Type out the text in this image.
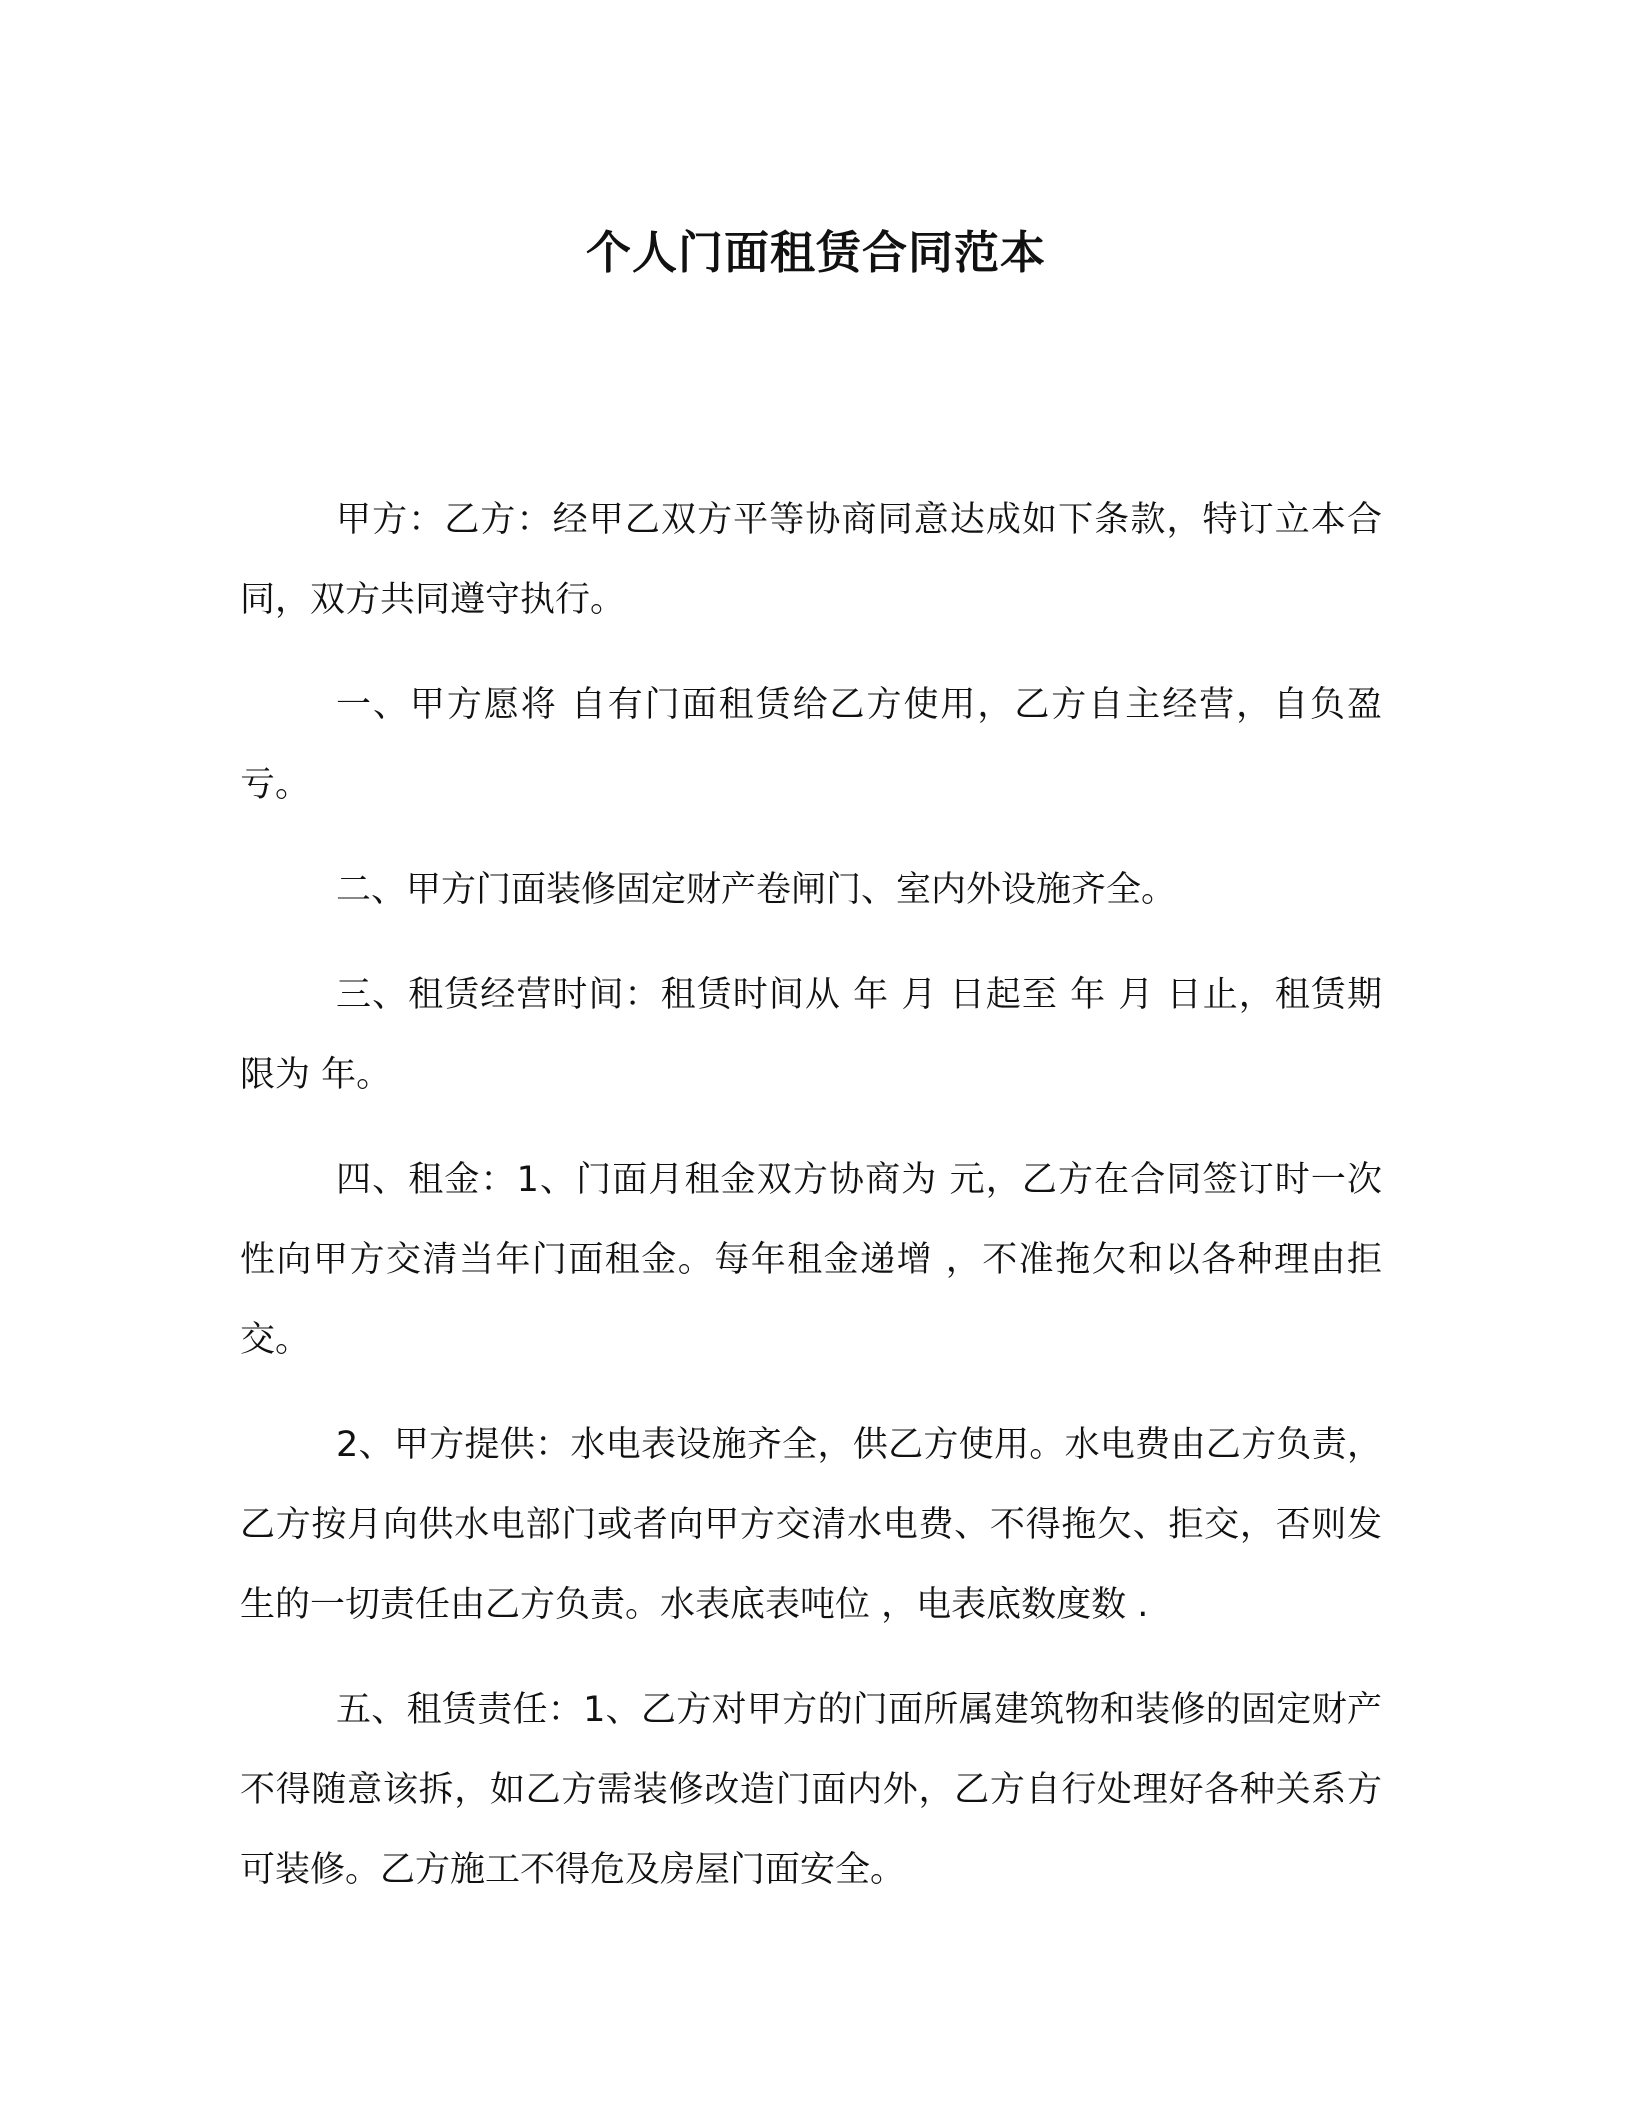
个人门面租赁合同范本

甲方：乙方：经甲乙双方平等协商同意达成如下条款，特订立本合同，双方共同遵守执行。

一、甲方愿将 自有门面租赁给乙方使用，乙方自主经营，自负盈亏。

二、甲方门面装修固定财产卷闸门、室内外设施齐全。

三、租赁经营时间：租赁时间从 年 月 日起至 年 月 日止，租赁期限为 年。

四、租金：1、门面月租金双方协商为 元，乙方在合同签订时一次性向甲方交清当年门面租金。每年租金递增 ，不准拖欠和以各种理由拒交。

2、甲方提供：水电表设施齐全，供乙方使用。水电费由乙方负责，乙方按月向供水电部门或者向甲方交清水电费、不得拖欠、拒交，否则发生的一切责任由乙方负责。水表底表吨位 ，电表底数度数 .

五、租赁责任：1、乙方对甲方的门面所属建筑物和装修的固定财产不得随意该拆，如乙方需装修改造门面内外，乙方自行处理好各种关系方可装修。乙方施工不得危及房屋门面安全。
